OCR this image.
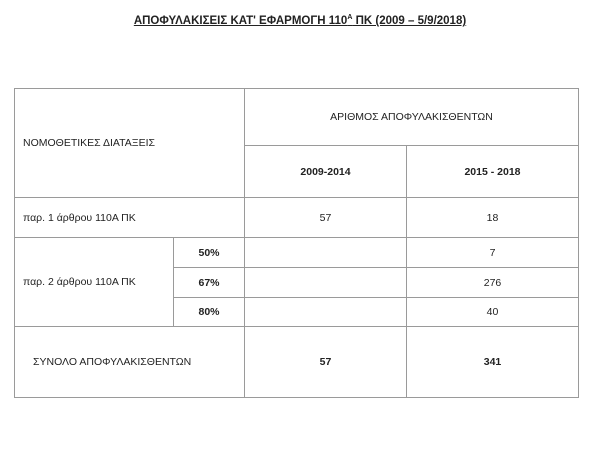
ΑΠΟΦΥΛΑΚΙΣΕΙΣ ΚΑΤ' ΕΦΑΡΜΟΓΗ $110^A$ ΠΚ (2009 – 5/9/2018)
ΝΟΜΟΘΕΤΙΚΕΣ ΔΙΑΤΑΞΕΙΣ		ΑΡΙΘΜΟΣ ΑΠΟΦΥΛΑΚΙΣΘΕΝΤΩΝ	
		2009-2014	2015 - 2018
παρ. 1 άρθρου 110Α ΠΚ		57	18
παρ. 2 άρθρου 110Α ΠΚ	50%		7
	67%		276
	80%		40
ΣΥΝΟΛΟ ΑΠΟΦΥΛΑΚΙΣΘΕΝΤΩΝ		57	341
